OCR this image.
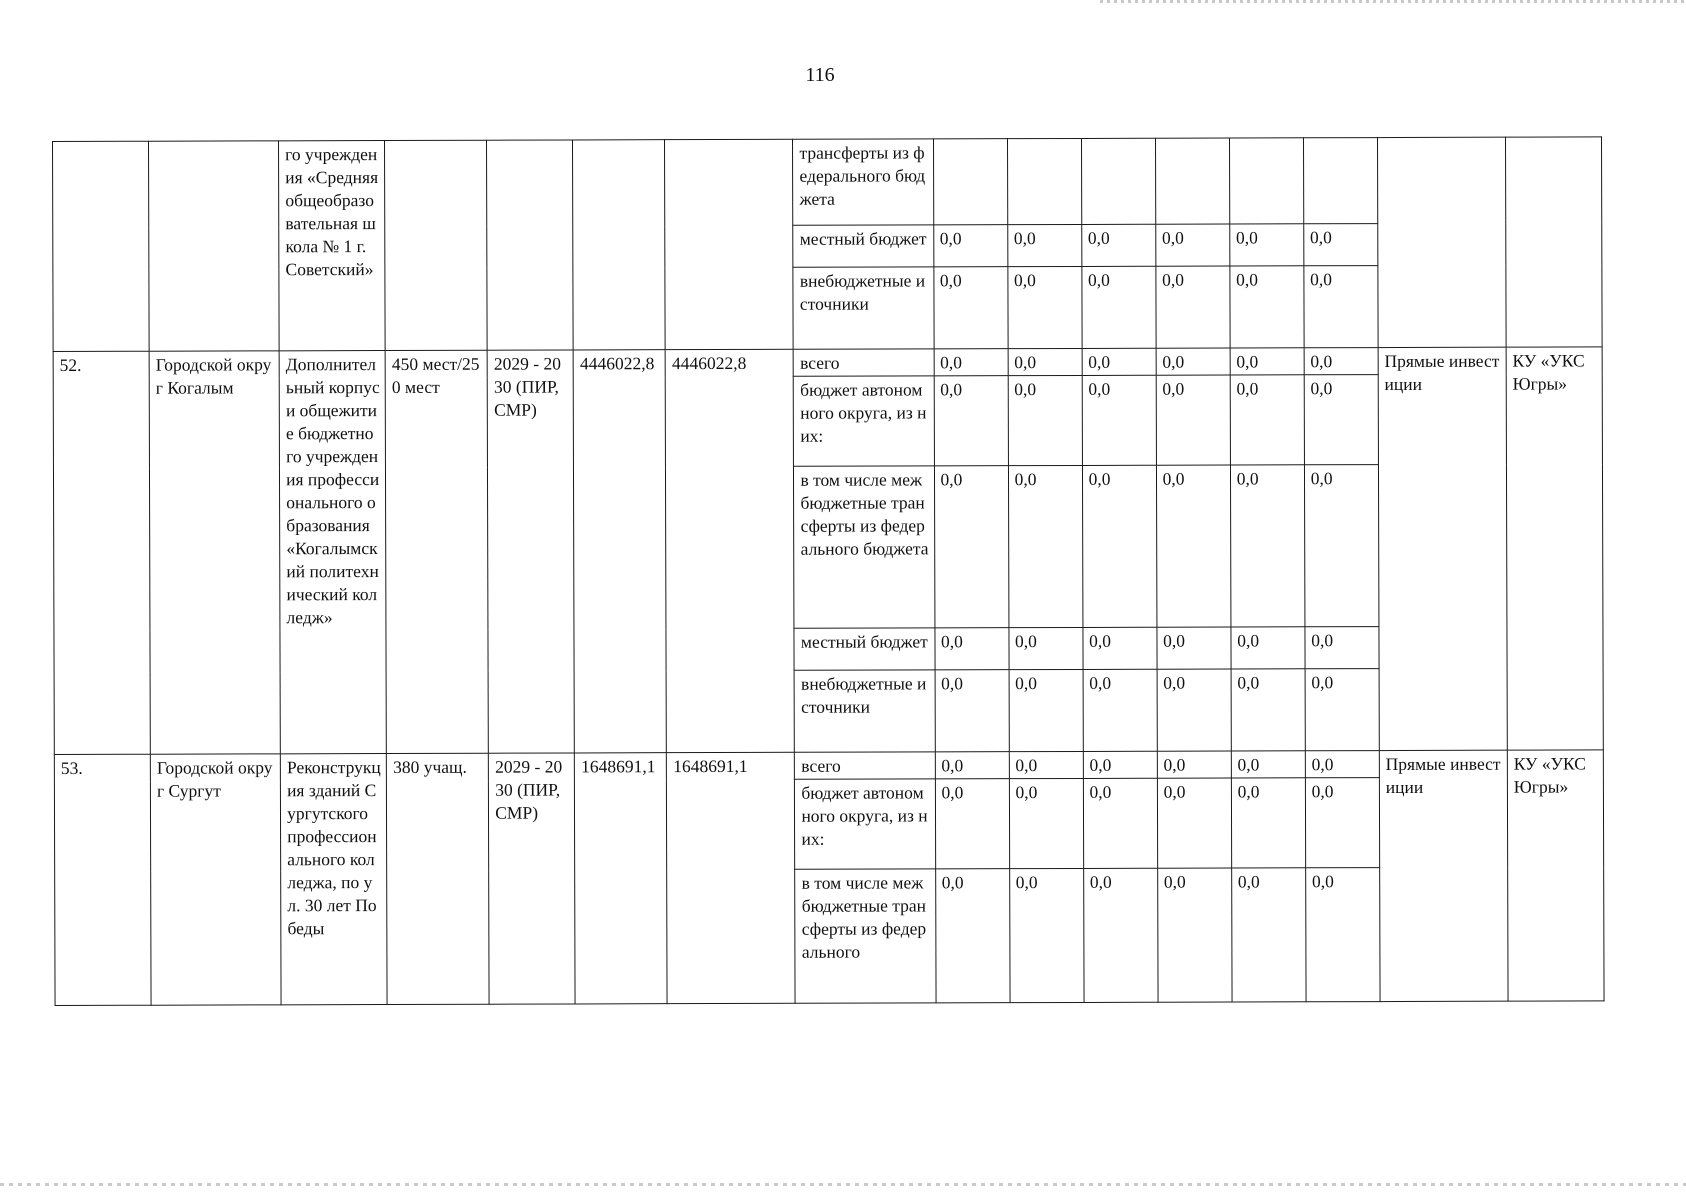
116
		го учреждения «Средняя общеобразовательная школа № 1 г. Советский»					трансферты из федерального бюджета								
							местный бюджет	0,0	0,0	0,0	0,0	0,0	0,0		
							внебюджетные источники	0,0	0,0	0,0	0,0	0,0	0,0		
52.	Городской округ Когалым	Дополнительный корпус и общежитие бюджетного учреждения профессионального образования «Когалымский политехнический колледж»	450 мест/250 мест	2029 - 2030 (ПИР, СМР)	4446022,8	4446022,8	всего	0,0	0,0	0,0	0,0	0,0	0,0	Прямые инвестиции	КУ «УКС Югры»
							бюджет автономного округа, из них:	0,0	0,0	0,0	0,0	0,0	0,0		
							в том числе межбюджетные трансферты из федерального бюджета	0,0	0,0	0,0	0,0	0,0	0,0		
							местный бюджет	0,0	0,0	0,0	0,0	0,0	0,0		
							внебюджетные источники	0,0	0,0	0,0	0,0	0,0	0,0		
53.	Городской округ Сургут	Реконструкция зданий Сургутского профессионального колледжа, по ул. 30 лет Победы	380 учащ.	2029 - 2030 (ПИР, СМР)	1648691,1	1648691,1	всего	0,0	0,0	0,0	0,0	0,0	0,0	Прямые инвестиции	КУ «УКС Югры»
							бюджет автономного округа, из них:	0,0	0,0	0,0	0,0	0,0	0,0		
							в том числе межбюджетные трансферты из федерального	0,0	0,0	0,0	0,0	0,0	0,0		
